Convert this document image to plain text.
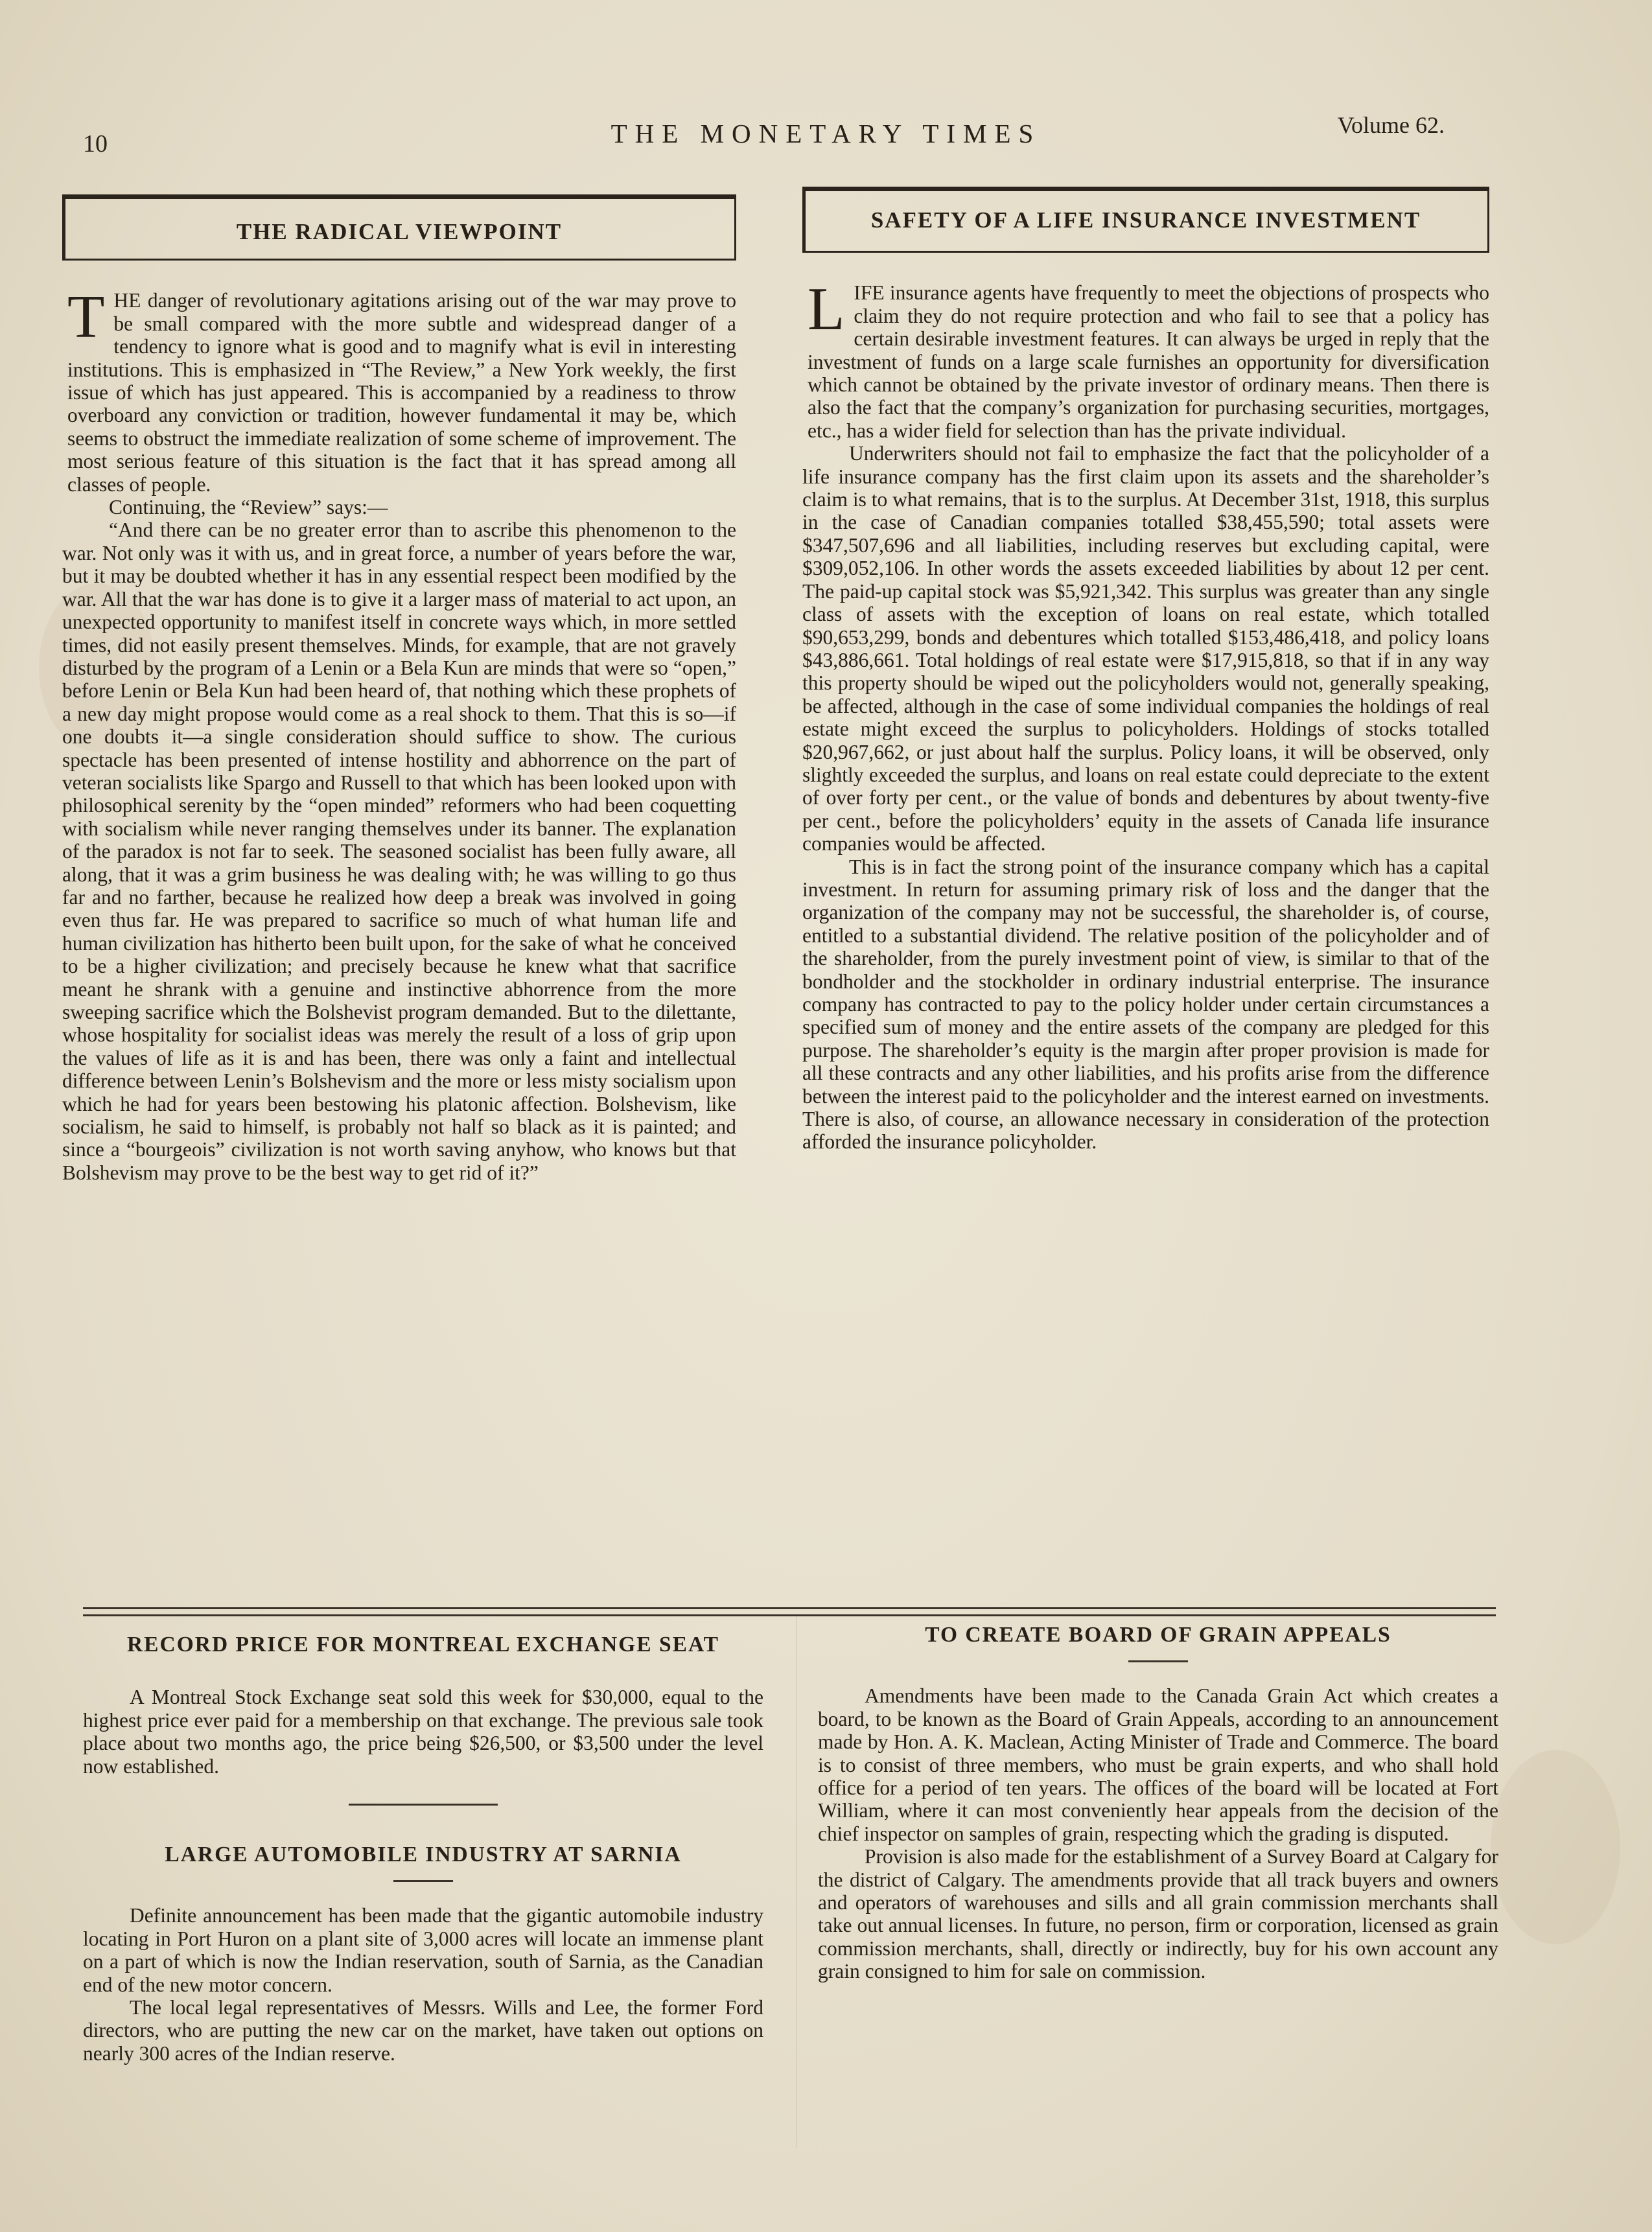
10	THE MONETARY TIMES	Volume 62.
THE RADICAL VIEWPOINT

THE danger of revolutionary agitations arising out of the war may prove to be small compared with the more subtle and widespread danger of a tendency to ignore what is good and to magnify what is evil in interesting institutions. This is emphasized in “The Review,” a New York weekly, the first issue of which has just appeared. This is accompanied by a readiness to throw overboard any conviction or tradition, however fundamental it may be, which seems to obstruct the immediate realization of some scheme of improvement. The most serious feature of this situation is the fact that it has spread among all classes of people.

Continuing, the “Review” says:—

“And there can be no greater error than to ascribe this phenomenon to the war. Not only was it with us, and in great force, a number of years before the war, but it may be doubted whether it has in any essential respect been modified by the war. All that the war has done is to give it a larger mass of material to act upon, an unexpected opportunity to manifest itself in concrete ways which, in more settled times, did not easily present themselves. Minds, for example, that are not gravely disturbed by the program of a Lenin or a Bela Kun are minds that were so “open,” before Lenin or Bela Kun had been heard of, that nothing which these prophets of a new day might propose would come as a real shock to them. That this is so—if one doubts it—a single consideration should suffice to show. The curious spectacle has been presented of intense hostility and abhorrence on the part of veteran socialists like Spargo and Russell to that which has been looked upon with philosophical serenity by the “open minded” reformers who had been coquetting with socialism while never ranging themselves under its banner. The explanation of the paradox is not far to seek. The seasoned socialist has been fully aware, all along, that it was a grim business he was dealing with; he was willing to go thus far and no farther, because he realized how deep a break was involved in going even thus far. He was prepared to sacrifice so much of what human life and human civilization has hitherto been built upon, for the sake of what he conceived to be a higher civilization; and precisely because he knew what that sacrifice meant he shrank with a genuine and instinctive abhorrence from the more sweeping sacrifice which the Bolshevist program demanded. But to the dilettante, whose hospitality for socialist ideas was merely the result of a loss of grip upon the values of life as it is and has been, there was only a faint and intellectual difference between Lenin’s Bolshevism and the more or less misty socialism upon which he had for years been bestowing his platonic affection. Bolshevism, like socialism, he said to himself, is probably not half so black as it is painted; and since a “bourgeois” civilization is not worth saving anyhow, who knows but that Bolshevism may prove to be the best way to get rid of it?”

SAFETY OF A LIFE INSURANCE INVESTMENT

LIFE insurance agents have frequently to meet the objections of prospects who claim they do not require protection and who fail to see that a policy has certain desirable investment features. It can always be urged in reply that the investment of funds on a large scale furnishes an opportunity for diversification which cannot be obtained by the private investor of ordinary means. Then there is also the fact that the company’s organization for purchasing securities, mortgages, etc., has a wider field for selection than has the private individual.

Underwriters should not fail to emphasize the fact that the policyholder of a life insurance company has the first claim upon its assets and the shareholder’s claim is to what remains, that is to the surplus. At December 31st, 1918, this surplus in the case of Canadian companies totalled $38,455,590; total assets were $347,507,696 and all liabilities, including reserves but excluding capital, were $309,052,106. In other words the assets exceeded liabilities by about 12 per cent. The paid-up capital stock was $5,921,342. This surplus was greater than any single class of assets with the exception of loans on real estate, which totalled $90,653,299, bonds and debentures which totalled $153,486,418, and policy loans $43,886,661. Total holdings of real estate were $17,915,818, so that if in any way this property should be wiped out the policyholders would not, generally speaking, be affected, although in the case of some individual companies the holdings of real estate might exceed the surplus to policyholders. Holdings of stocks totalled $20,967,662, or just about half the surplus. Policy loans, it will be observed, only slightly exceeded the surplus, and loans on real estate could depreciate to the extent of over forty per cent., or the value of bonds and debentures by about twenty-five per cent., before the policyholders’ equity in the assets of Canada life insurance companies would be affected.

This is in fact the strong point of the insurance company which has a capital investment. In return for assuming primary risk of loss and the danger that the organization of the company may not be successful, the shareholder is, of course, entitled to a substantial dividend. The relative position of the policyholder and of the shareholder, from the purely investment point of view, is similar to that of the bondholder and the stockholder in ordinary industrial enterprise. The insurance company has contracted to pay to the policy holder under certain circumstances a specified sum of money and the entire assets of the company are pledged for this purpose. The shareholder’s equity is the margin after proper provision is made for all these contracts and any other liabilities, and his profits arise from the difference between the interest paid to the policyholder and the interest earned on investments. There is also, of course, an allowance necessary in consideration of the protection afforded the insurance policyholder.

RECORD PRICE FOR MONTREAL EXCHANGE SEAT

A Montreal Stock Exchange seat sold this week for $30,000, equal to the highest price ever paid for a membership on that exchange. The previous sale took place about two months ago, the price being $26,500, or $3,500 under the level now established.

LARGE AUTOMOBILE INDUSTRY AT SARNIA

Definite announcement has been made that the gigantic automobile industry locating in Port Huron on a plant site of 3,000 acres will locate an immense plant on a part of which is now the Indian reservation, south of Sarnia, as the Canadian end of the new motor concern.

The local legal representatives of Messrs. Wills and Lee, the former Ford directors, who are putting the new car on the market, have taken out options on nearly 300 acres of the Indian reserve.

TO CREATE BOARD OF GRAIN APPEALS

Amendments have been made to the Canada Grain Act which creates a board, to be known as the Board of Grain Appeals, according to an announcement made by Hon. A. K. Maclean, Acting Minister of Trade and Commerce. The board is to consist of three members, who must be grain experts, and who shall hold office for a period of ten years. The offices of the board will be located at Fort William, where it can most conveniently hear appeals from the decision of the chief inspector on samples of grain, respecting which the grading is disputed.

Provision is also made for the establishment of a Survey Board at Calgary for the district of Calgary. The amendments provide that all track buyers and owners and operators of warehouses and sills and all grain commission merchants shall take out annual licenses. In future, no person, firm or corporation, licensed as grain commission merchants, shall, directly or indirectly, buy for his own account any grain consigned to him for sale on commission.
